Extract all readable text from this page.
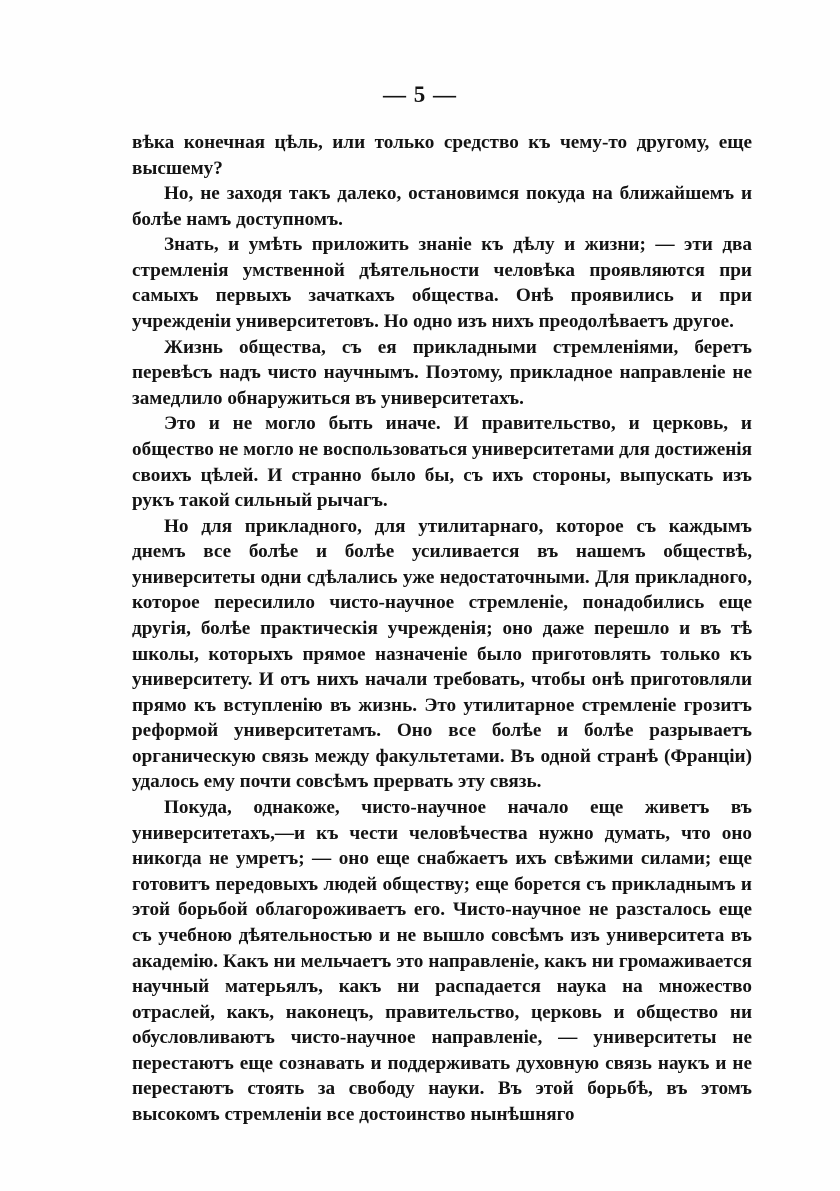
— 5 —

вѣка конечная цѣль, или только средство къ чему-то другому, еще высшему?

Но, не заходя такъ далеко, остановимся покуда на ближайшемъ и болѣе намъ доступномъ.

Знать, и умѣть приложить знаніе къ дѣлу и жизни; — эти два стремленія умственной дѣятельности человѣка проявляются при самыхъ первыхъ зачаткахъ общества. Онѣ проявились и при учрежденіи университетовъ. Но одно изъ нихъ преодолѣваетъ другое.

Жизнь общества, съ ея прикладными стремленіями, беретъ перевѣсъ надъ чисто научнымъ. Поэтому, прикладное направленіе не замедлило обнаружиться въ университетахъ.

Это и не могло быть иначе. И правительство, и церковь, и общество не могло не воспользоваться университетами для достиженія своихъ цѣлей. И странно было бы, съ ихъ стороны, выпускать изъ рукъ такой сильный рычагъ.

Но для прикладного, для утилитарнаго, которое съ каждымъ днемъ все болѣе и болѣе усиливается въ нашемъ обществѣ, университеты одни сдѣлались уже недостаточными. Для прикладного, которое пересилило чисто-научное стремленіе, понадобились еще другія, болѣе практическія учрежденія; оно даже перешло и въ тѣ школы, которыхъ прямое назначеніе было приготовлять только къ университету. И отъ нихъ начали требовать, чтобы онѣ приготовляли прямо къ вступленію въ жизнь. Это утилитарное стремленіе грозитъ реформой университетамъ. Оно все болѣе и болѣе разрываетъ органическую связь между факультетами. Въ одной странѣ (Франціи) удалось ему почти совсѣмъ прервать эту связь.

Покуда, однакоже, чисто-научное начало еще живетъ въ университетахъ,—и къ чести человѣчества нужно думать, что оно никогда не умретъ; — оно еще снабжаетъ ихъ свѣжими силами; еще готовитъ передовыхъ людей обществу; еще борется съ прикладнымъ и этой борьбой облагороживаетъ его. Чисто-научное не разсталось еще съ учебною дѣятельностью и не вышло совсѣмъ изъ университета въ академію. Какъ ни мельчаетъ это направленіе, какъ ни громаживается научный матерьялъ, какъ ни распадается наука на множество отраслей, какъ, наконецъ, правительство, церковь и общество ни обусловливаютъ чисто-научное направленіе, — университеты не перестаютъ еще сознавать и поддерживать духовную связь наукъ и не перестаютъ стоять за свободу науки. Въ этой борьбѣ, въ этомъ высокомъ стремленіи все достоинство нынѣшняго
